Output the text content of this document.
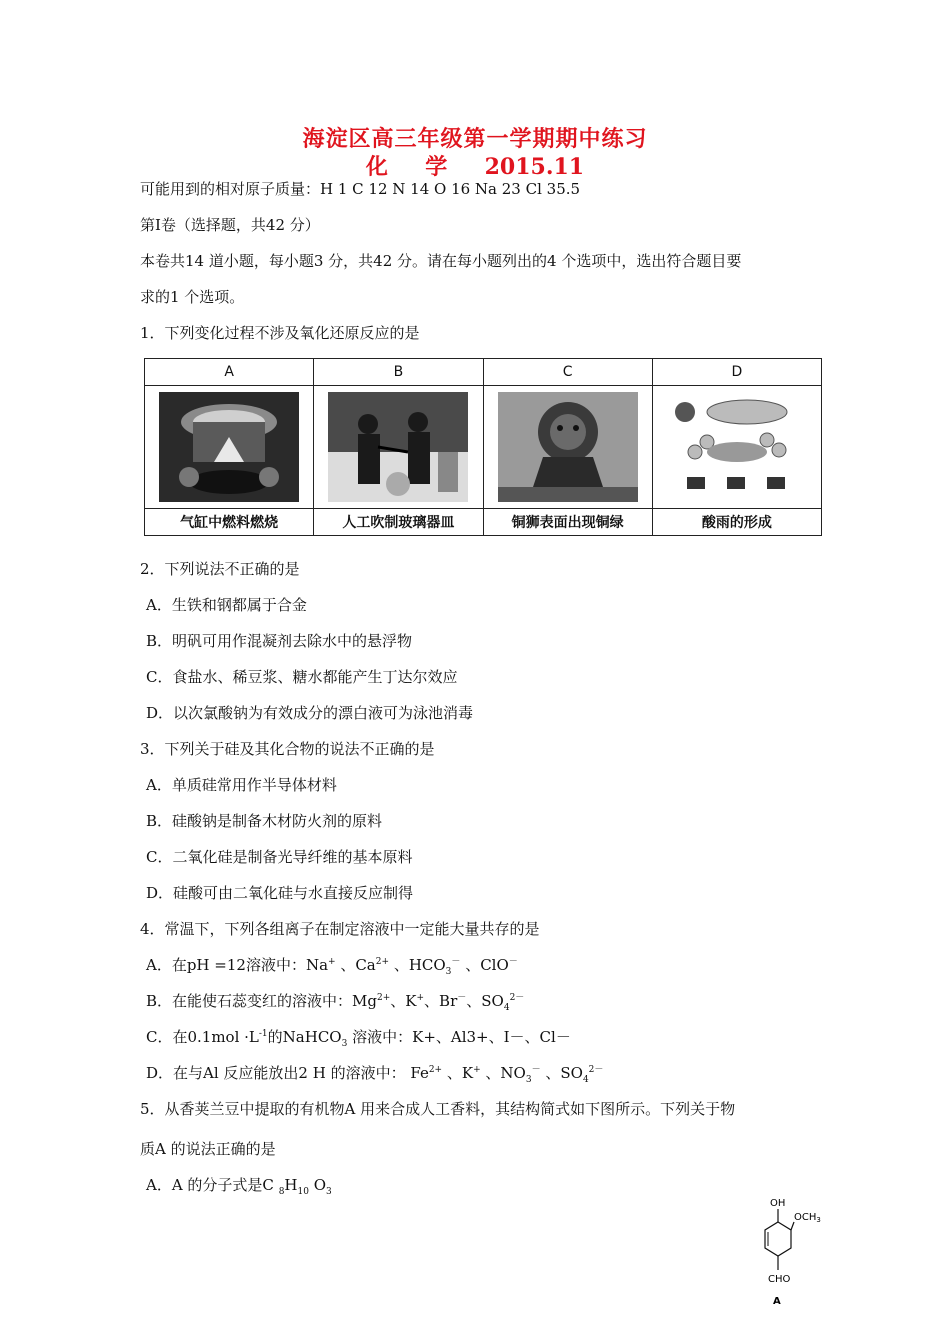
海淀区高三年级第一学期期中练习
化 学 2015.11
可能用到的相对原子质量：H 1 C 12 N 14 O 16 Na 23 Cl 35.5
第Ⅰ卷（选择题，共42 分）
本卷共14 道小题，每小题3 分，共42 分。请在每小题列出的4 个选项中，选出符合题目要
求的1 个选项。
1．下列变化过程不涉及氧化还原反应的是
A	B	C	D

气缸中燃料燃烧	人工吹制玻璃器皿	铜狮表面出现铜绿	酸雨的形成
2．下列说法不正确的是
A．生铁和钢都属于合金
B．明矾可用作混凝剂去除水中的悬浮物
C．食盐水、稀豆浆、糖水都能产生丁达尔效应
D．以次氯酸钠为有效成分的漂白液可为泳池消毒
3．下列关于硅及其化合物的说法不正确的是
A．单质硅常用作半导体材料
B．硅酸钠是制备木材防火剂的原料
C．二氧化硅是制备光导纤维的基本原料
D．硅酸可由二氧化硅与水直接反应制得
4．常温下，下列各组离子在制定溶液中一定能大量共存的是
A．在pH =12溶液中：Na+ 、$Ca^{2+}$ 、$HCO_3^-$ 、ClO－
B．在能使石蕊变红的溶液中：$Mg^{2+}$、K+、Br－、$SO_4^{2-}$
C．在$0.1mol \cdot L^{-1}$的NaHCO$_3$ 溶液中：K+、Al3+、I－、Cl－
D．在与Al 反应能放出2 H 的溶液中： $Fe^{2+}$ 、K+ 、$NO_3^-$ 、$SO_4^{2-}$
5．从香荚兰豆中提取的有机物A 用来合成人工香料，其结构简式如下图所示。下列关于物
质A 的说法正确的是
A．A 的分子式是C $_8H_{10}$ $O_3$
OH
$OCH_3$
CHO
A
